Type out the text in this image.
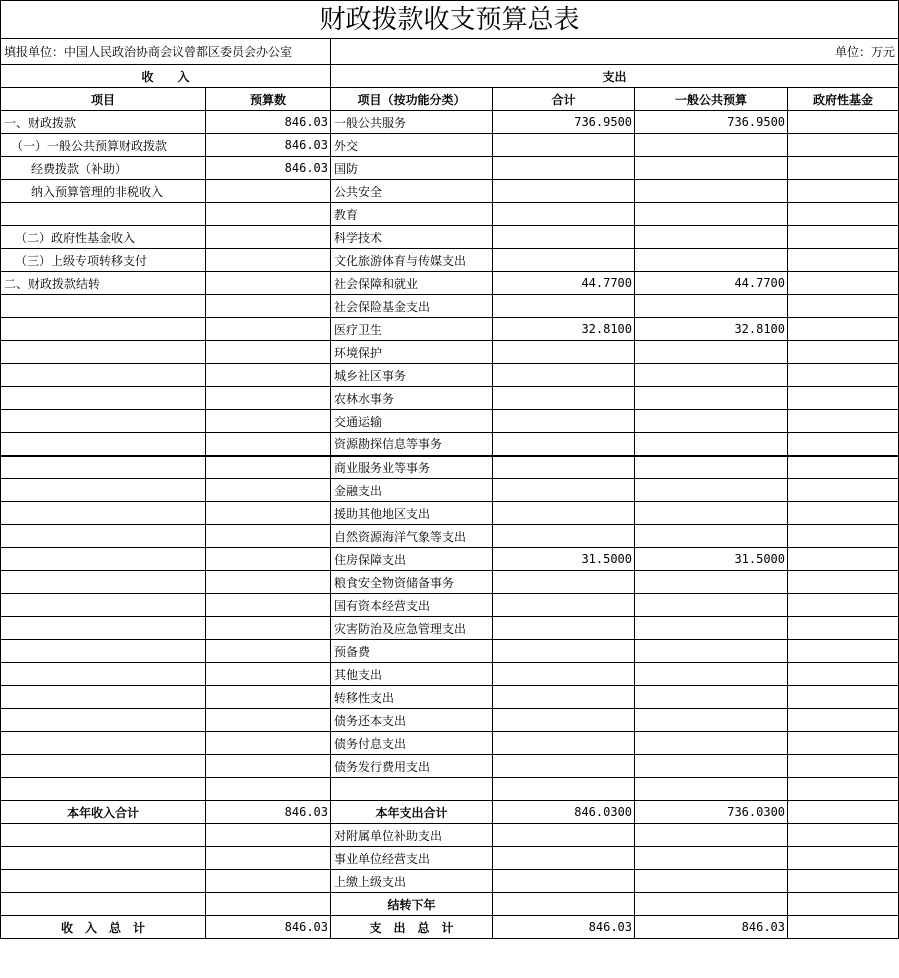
财政拨款收支预算总表
填报单位：中国人民政治协商会议曾都区委员会办公室		单位：万元			
收　　入		支出			
项目	预算数	项目（按功能分类）	合计	一般公共预算	政府性基金
一、财政拨款	846.03	一般公共服务	736.9500	736.9500	
（一）一般公共预算财政拨款	846.03	外交			
经费拨款（补助）	846.03	国防			
纳入预算管理的非税收入		公共安全			
		教育			
（二）政府性基金收入		科学技术			
（三）上级专项转移支付		文化旅游体育与传媒支出			
二、财政拨款结转		社会保障和就业	44.7700	44.7700	
		社会保险基金支出			
		医疗卫生	32.8100	32.8100	
		环境保护			
		城乡社区事务			
		农林水事务			
		交通运输			
		资源勘探信息等事务			
		商业服务业等事务			
		金融支出			
		援助其他地区支出			
		自然资源海洋气象等支出			
		住房保障支出	31.5000	31.5000	
		粮食安全物资储备事务			
		国有资本经营支出			
		灾害防治及应急管理支出			
		预备费			
		其他支出			
		转移性支出			
		债务还本支出			
		债务付息支出			
		债务发行费用支出			

本年收入合计	846.03	本年支出合计	846.0300	736.0300	
		对附属单位补助支出			
		事业单位经营支出			
		上缴上级支出			
		结转下年			
收　入　总　计	846.03	支　出　总　计	846.03	846.03	
